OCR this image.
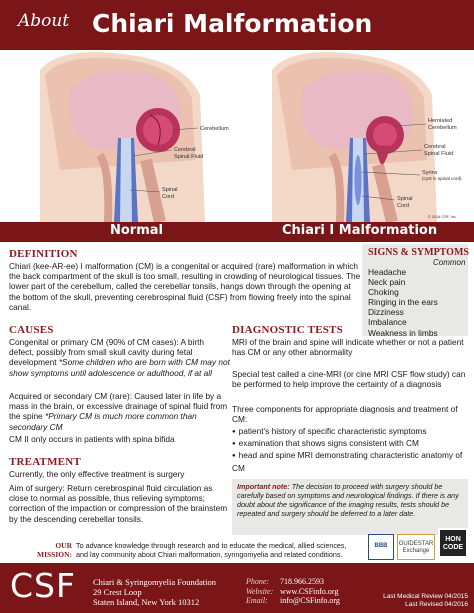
About Chiari Malformation
Cerebellum
Cerebral
Spinal Fluid
Spinal
Cord
Herniated
Cerebellum
Cerebral
Spinal Fluid
Syrinx
(cyst in spinal cord)
Spinal
Cord
© 2014 CSF, Inc.
Normal	Chiari I Malformation
DEFINITION
Chiari (kee-AR-ee) I malformation (CM) is a congenital or acquired (rare) malformation in which the back compartment of the skull is too small, resulting in crowding of neurological tissues. The lower part of the cerebellum, called the cerebellar tonsils, hangs down through the opening at the bottom of the skull, preventing cerebrospinal fluid (CSF) from flowing freely into the spinal canal.
SIGNS & SYMPTOMS
Common
Headache
Neck pain
Choking
Ringing in the ears
Dizziness
Imbalance
Weakness in limbs
CAUSES
Congenital or primary CM (90% of CM cases): A birth defect, possibly from small skull cavity during fetal development *Some children who are born with CM may not show symptoms until adolescence or adulthood, if at all
Acquired or secondary CM (rare): Caused later in life by a mass in the brain, or excessive drainage of spinal fluid from the spine *Primary CM is much more common than secondary CM
CM II only occurs in patients with spina bifida
TREATMENT
Currently, the only effective treatment is surgery
Aim of surgery: Return cerebrospinal fluid circulation as close to normal as possible, thus relieving symptoms; correction of the impaction or compression of the brainstem by the descending cerebellar tonsils.
DIAGNOSTIC TESTS
MRI of the brain and spine will indicate whether or not a patient has CM or any other abnormality
Special test called a cine-MRI (or cine MRI CSF flow study) can be performed to help improve the certainty of a diagnosis
Three components for appropriate diagnosis and treatment of CM:
● patient's history of specific characteristic symptoms
● examination that shows signs consistent with CM
● head and spine MRI demonstrating characteristic anatomy of CM
Important note: The decision to proceed with surgery should be carefully based on symptoms and neurological findings. If there is any doubt about the significance of the imaging results, tests should be repeated and surgery should be deferred to a later date.
OUR
MISSION:
To advance knowledge through research and to educate the medical, allied sciences, and lay community about Chiari malformation, syringomyelia and related conditions.
BBB	GUIDESTAR Exchange
HON CODE
CSF Chiari & Syringomyelia Foundation
29 Crest Loop
Staten Island, New York 10312
Phone: 718.966.2593
Website: www.CSFinfo.org
Email: info@CSFinfo.org	Last Medical Review 04/2015
Last Revised 04/2016
